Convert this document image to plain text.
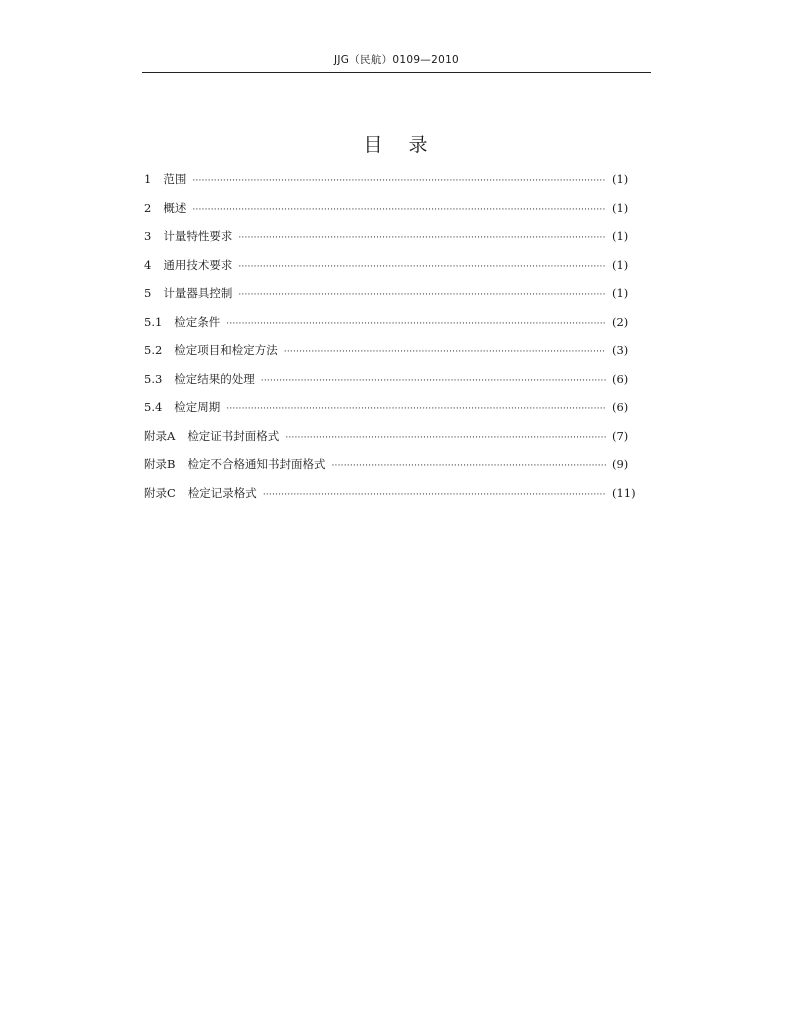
JJG（民航）0109—2010
目录
1 范围 ·····	(1)
2 概述 ·····	(1)
3 计量特性要求 ·····	(1)
4 通用技术要求 ·····	(1)
5 计量器具控制 ·····	(1)
5.1 检定条件 ·····	(2)
5.2 检定项目和检定方法 ·····	(3)
5.3 检定结果的处理 ·····	(6)
5.4 检定周期 ·····	(6)
附录A 检定证书封面格式 ·····	(7)
附录B 检定不合格通知书封面格式 ·····	(9)
附录C 检定记录格式 ·····	(11)
